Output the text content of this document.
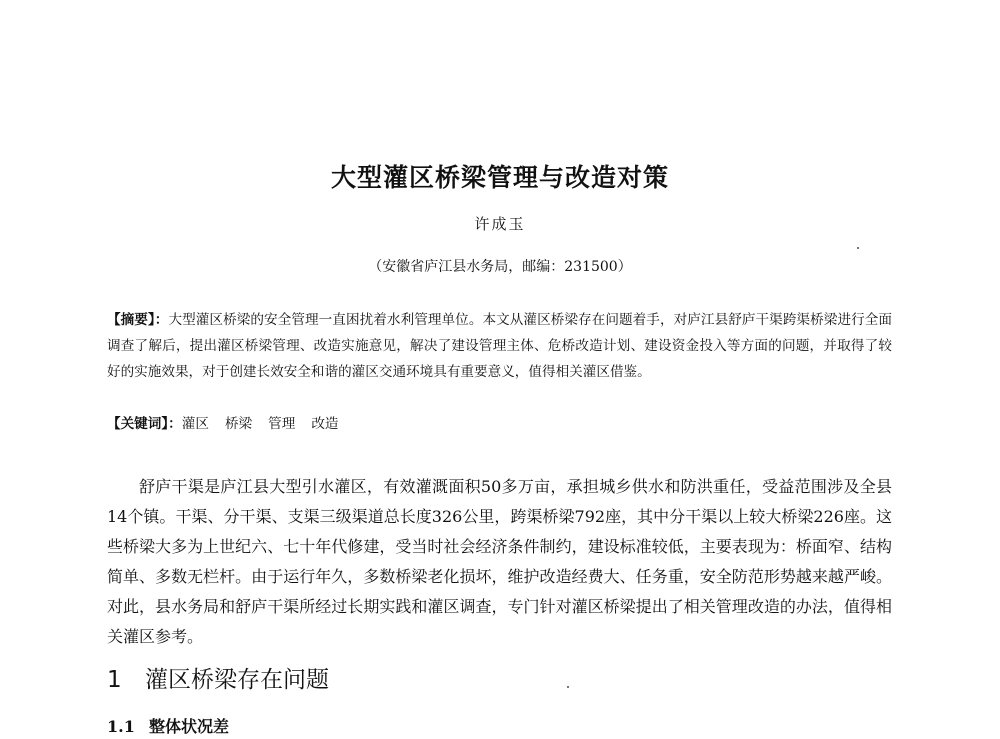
大型灌区桥梁管理与改造对策
许成玉
（安徽省庐江县水务局，邮编：231500）

【摘要】：大型灌区桥梁的安全管理一直困扰着水利管理单位。本文从灌区桥梁存在问题着手，对庐江县舒庐干渠跨渠桥梁进行全面调查了解后，提出灌区桥梁管理、改造实施意见，解决了建设管理主体、危桥改造计划、建设资金投入等方面的问题，并取得了较好的实施效果，对于创建长效安全和谐的灌区交通环境具有重要意义，值得相关灌区借鉴。

【关键词】：灌区 桥梁 管理 改造

舒庐干渠是庐江县大型引水灌区，有效灌溉面积50多万亩，承担城乡供水和防洪重任，受益范围涉及全县14个镇。干渠、分干渠、支渠三级渠道总长度326公里，跨渠桥梁792座，其中分干渠以上较大桥梁226座。这些桥梁大多为上世纪六、七十年代修建，受当时社会经济条件制约，建设标准较低，主要表现为：桥面窄、结构简单、多数无栏杆。由于运行年久，多数桥梁老化损坏，维护改造经费大、任务重，安全防范形势越来越严峻。对此，县水务局和舒庐干渠所经过长期实践和灌区调查，专门针对灌区桥梁提出了相关管理改造的办法，值得相关灌区参考。

1 灌区桥梁存在问题
1.1 整体状况差
